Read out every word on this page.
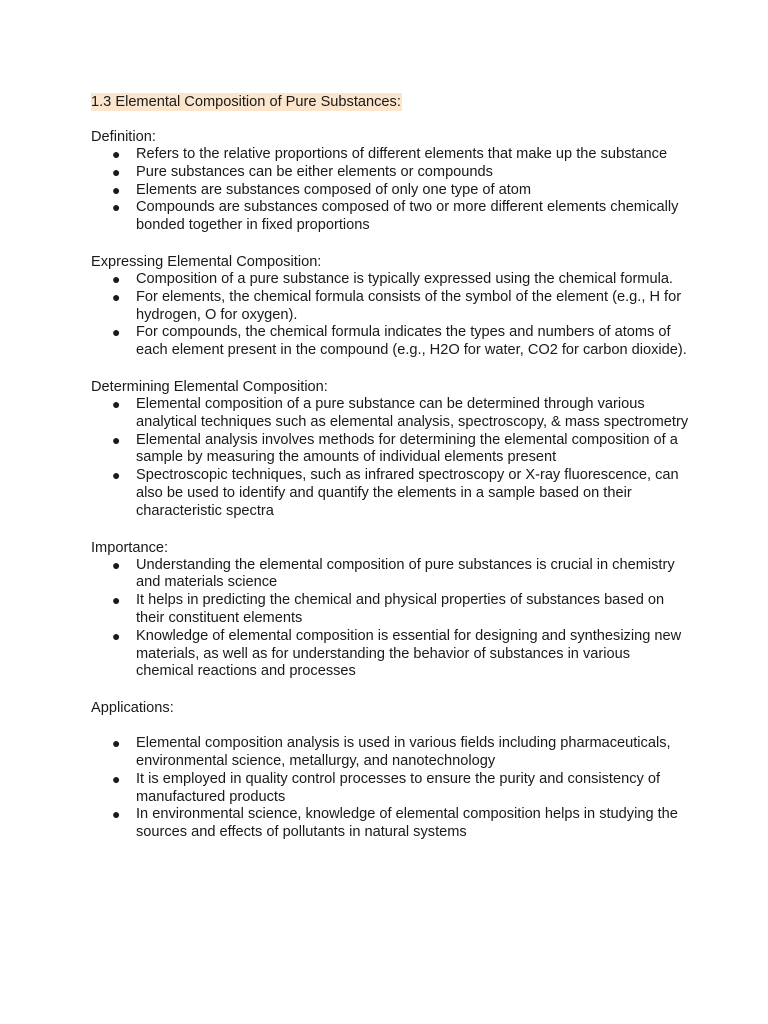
1.3 Elemental Composition of Pure Substances:
Definition:
● Refers to the relative proportions of different elements that make up the substance
● Pure substances can be either elements or compounds
● Elements are substances composed of only one type of atom
● Compounds are substances composed of two or more different elements chemically bonded together in fixed proportions
Expressing Elemental Composition:
● Composition of a pure substance is typically expressed using the chemical formula.
● For elements, the chemical formula consists of the symbol of the element (e.g., H for hydrogen, O for oxygen).
● For compounds, the chemical formula indicates the types and numbers of atoms of each element present in the compound (e.g., H2O for water, CO2 for carbon dioxide).
Determining Elemental Composition:
● Elemental composition of a pure substance can be determined through various analytical techniques such as elemental analysis, spectroscopy, & mass spectrometry
● Elemental analysis involves methods for determining the elemental composition of a sample by measuring the amounts of individual elements present
● Spectroscopic techniques, such as infrared spectroscopy or X-ray fluorescence, can also be used to identify and quantify the elements in a sample based on their characteristic spectra
Importance:
● Understanding the elemental composition of pure substances is crucial in chemistry and materials science
● It helps in predicting the chemical and physical properties of substances based on their constituent elements
● Knowledge of elemental composition is essential for designing and synthesizing new materials, as well as for understanding the behavior of substances in various chemical reactions and processes
Applications:
● Elemental composition analysis is used in various fields including pharmaceuticals, environmental science, metallurgy, and nanotechnology
● It is employed in quality control processes to ensure the purity and consistency of manufactured products
● In environmental science, knowledge of elemental composition helps in studying the sources and effects of pollutants in natural systems
